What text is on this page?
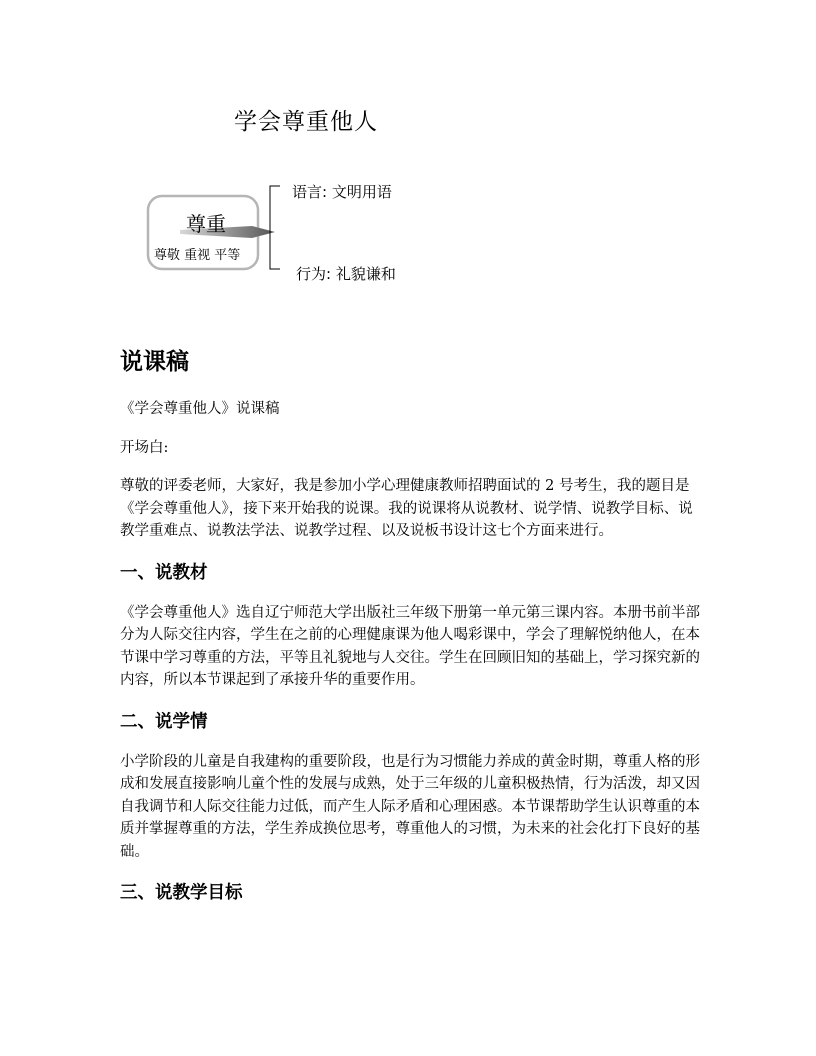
学会尊重他人
尊重
尊敬 重视 平等
语言: 文明用语
行为: 礼貌谦和
说课稿

《学会尊重他人》说课稿

开场白:

尊敬的评委老师，大家好，我是参加小学心理健康教师招聘面试的 2 号考生，我的题目是《学会尊重他人》，接下来开始我的说课。我的说课将从说教材、说学情、说教学目标、说教学重难点、说教法学法、说教学过程、以及说板书设计这七个方面来进行。

一、说教材

《学会尊重他人》选自辽宁师范大学出版社三年级下册第一单元第三课内容。本册书前半部分为人际交往内容，学生在之前的心理健康课为他人喝彩课中，学会了理解悦纳他人，在本节课中学习尊重的方法，平等且礼貌地与人交往。学生在回顾旧知的基础上，学习探究新的内容，所以本节课起到了承接升华的重要作用。

二、说学情

小学阶段的儿童是自我建构的重要阶段，也是行为习惯能力养成的黄金时期，尊重人格的形成和发展直接影响儿童个性的发展与成熟，处于三年级的儿童积极热情，行为活泼，却又因自我调节和人际交往能力过低，而产生人际矛盾和心理困惑。本节课帮助学生认识尊重的本质并掌握尊重的方法，学生养成换位思考，尊重他人的习惯，为未来的社会化打下良好的基础。

三、说教学目标
